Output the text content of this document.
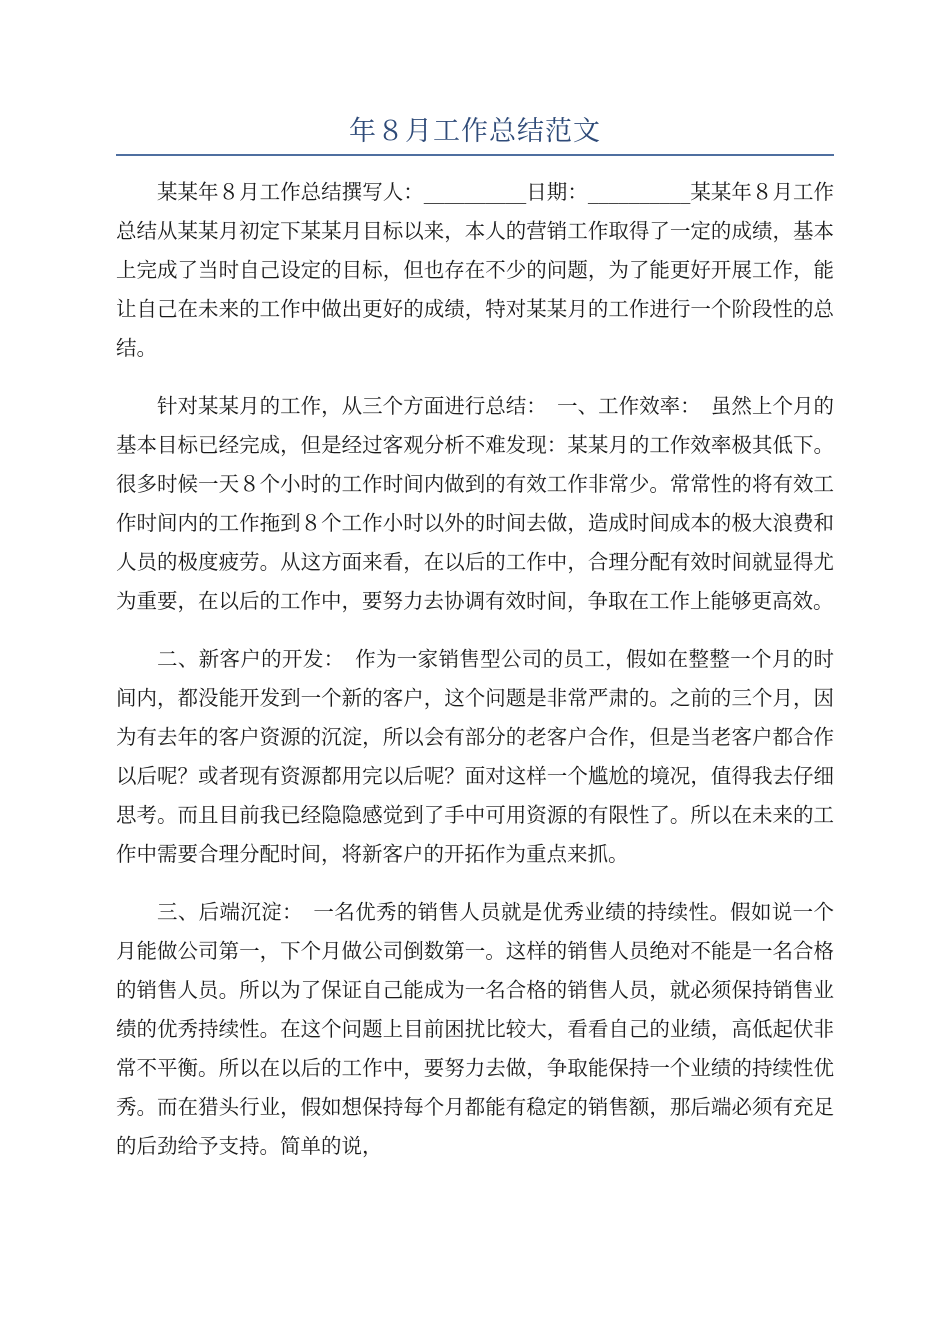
年８月工作总结范文

某某年８月工作总结撰写人：__________日期：__________某某年８月工作总结从某某月初定下某某月目标以来，本人的营销工作取得了一定的成绩，基本上完成了当时自己设定的目标，但也存在不少的问题，为了能更好开展工作，能让自己在未来的工作中做出更好的成绩，特对某某月的工作进行一个阶段性的总结。

针对某某月的工作，从三个方面进行总结：　一、工作效率：　虽然上个月的基本目标已经完成，但是经过客观分析不难发现：某某月的工作效率极其低下。很多时候一天８个小时的工作时间内做到的有效工作非常少。常常性的将有效工作时间内的工作拖到８个工作小时以外的时间去做，造成时间成本的极大浪费和人员的极度疲劳。从这方面来看，在以后的工作中，合理分配有效时间就显得尤为重要，在以后的工作中，要努力去协调有效时间，争取在工作上能够更高效。

二、新客户的开发：　作为一家销售型公司的员工，假如在整整一个月的时间内，都没能开发到一个新的客户，这个问题是非常严肃的。之前的三个月，因为有去年的客户资源的沉淀，所以会有部分的老客户合作，但是当老客户都合作以后呢？或者现有资源都用完以后呢？面对这样一个尴尬的境况，值得我去仔细思考。而且目前我已经隐隐感觉到了手中可用资源的有限性了。所以在未来的工作中需要合理分配时间，将新客户的开拓作为重点来抓。

三、后端沉淀：　一名优秀的销售人员就是优秀业绩的持续性。假如说一个月能做公司第一，下个月做公司倒数第一。这样的销售人员绝对不能是一名合格的销售人员。所以为了保证自己能成为一名合格的销售人员，就必须保持销售业绩的优秀持续性。在这个问题上目前困扰比较大，看看自己的业绩，高低起伏非常不平衡。所以在以后的工作中，要努力去做，争取能保持一个业绩的持续性优秀。而在猎头行业，假如想保持每个月都能有稳定的销售额，那后端必须有充足的后劲给予支持。简单的说，
